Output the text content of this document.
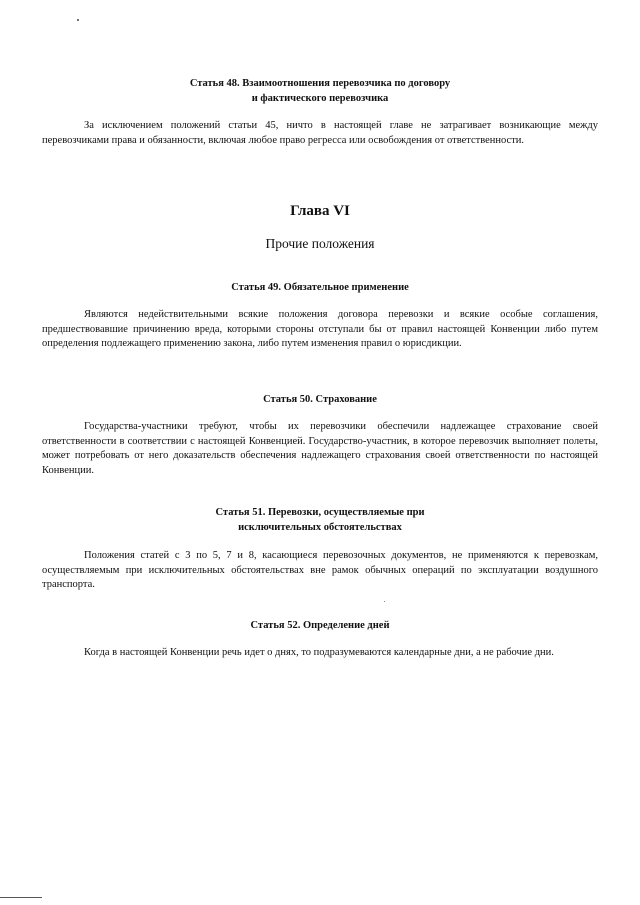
Статья 48. Взаимоотношения перевозчика по договору
и фактического перевозчика
За исключением положений статьи 45, ничто в настоящей главе не затрагивает возникающие между перевозчиками права и обязанности, включая любое право регресса или освобождения от ответственности.
Глава VI
Прочие положения
Статья 49. Обязательное применение
Являются недействительными всякие положения договора перевозки и всякие особые соглашения, предшествовавшие причинению вреда, которыми стороны отступали бы от правил настоящей Конвенции либо путем определения подлежащего применению закона, либо путем изменения правил о юрисдикции.
Статья 50. Страхование
Государства-участники требуют, чтобы их перевозчики обеспечили надлежащее страхование своей ответственности в соответствии с настоящей Конвенцией. Государство-участник, в которое перевозчик выполняет полеты, может потребовать от него доказательств обеспечения надлежащего страхования своей ответственности по настоящей Конвенции.
Статья 51. Перевозки, осуществляемые при
исключительных обстоятельствах
Положения статей с 3 по 5, 7 и 8, касающиеся перевозочных документов, не применяются к перевозкам, осуществляемым при исключительных обстоятельствах вне рамок обычных операций по эксплуатации воздушного транспорта.
Статья 52. Определение дней
Когда в настоящей Конвенции речь идет о днях, то подразумеваются календарные дни, а не рабочие дни.
